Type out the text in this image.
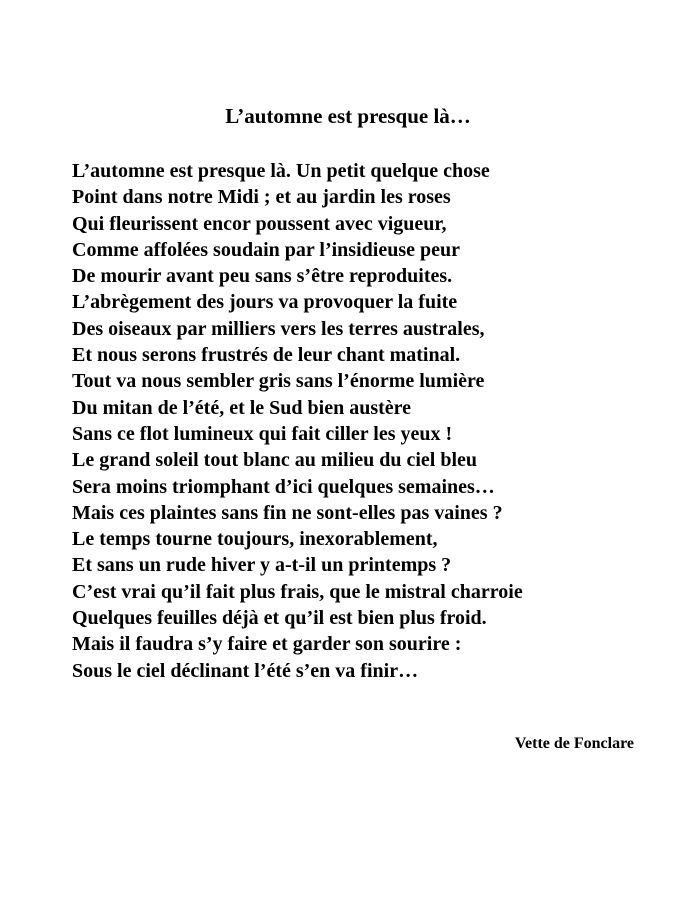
L’automne est presque là…
L’automne est presque là. Un petit quelque chose
Point dans notre Midi ; et au jardin les roses
Qui fleurissent encor poussent avec vigueur,
Comme affolées soudain par l’insidieuse peur
De mourir avant peu sans s’être reproduites.
L’abrègement des jours va provoquer la fuite
Des oiseaux par milliers vers les terres australes,
Et nous serons frustrés de leur chant matinal.
Tout va nous sembler gris sans l’énorme lumière
Du mitan de l’été, et le Sud bien austère
Sans ce flot lumineux qui fait ciller les yeux !
Le grand soleil tout blanc au milieu du ciel bleu
Sera moins triomphant d’ici quelques semaines…
Mais ces plaintes sans fin ne sont-elles pas vaines ?
Le temps tourne toujours, inexorablement,
Et sans un rude hiver y a-t-il un printemps ?
C’est vrai qu’il fait plus frais, que le mistral charroie
Quelques feuilles déjà et qu’il est bien plus froid.
Mais il faudra s’y faire et garder son sourire :
Sous le ciel déclinant l’été s’en va finir…
Vette de Fonclare
